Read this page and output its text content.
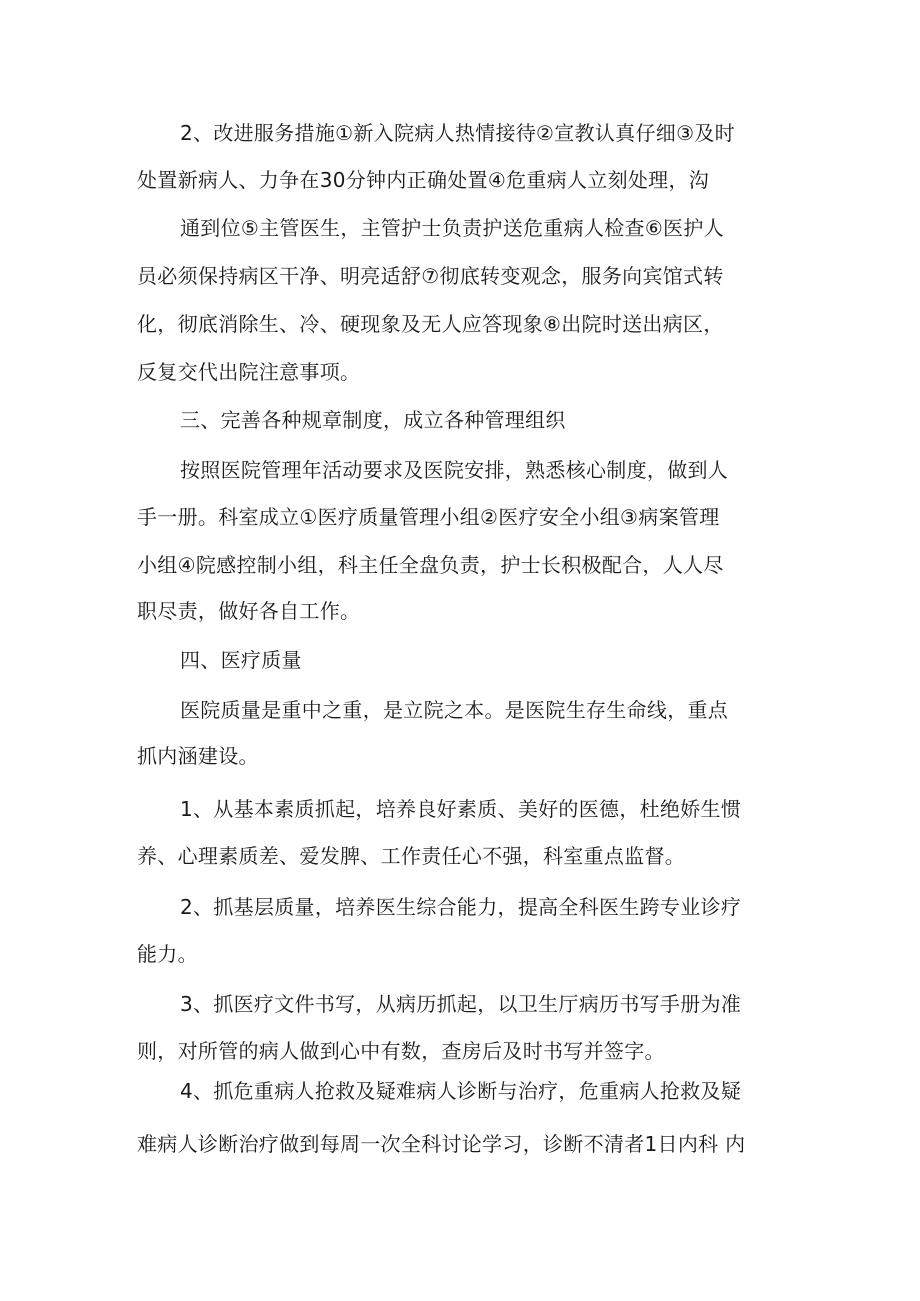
2、改进服务措施①新入院病人热情接待②宣教认真仔细③及时
处置新病人、力争在30分钟内正确处置④危重病人立刻处理，沟
通到位⑤主管医生，主管护士负责护送危重病人检查⑥医护人
员必须保持病区干净、明亮适舒⑦彻底转变观念，服务向宾馆式转
化，彻底消除生、冷、硬现象及无人应答现象⑧出院时送出病区，
反复交代出院注意事项。
三、完善各种规章制度，成立各种管理组织
按照医院管理年活动要求及医院安排，熟悉核心制度，做到人
手一册。科室成立①医疗质量管理小组②医疗安全小组③病案管理
小组④院感控制小组，科主任全盘负责，护士长积极配合，人人尽
职尽责，做好各自工作。
四、医疗质量
医院质量是重中之重，是立院之本。是医院生存生命线，重点
抓内涵建设。
1、从基本素质抓起，培养良好素质、美好的医德，杜绝娇生惯
养、心理素质差、爱发脾、工作责任心不强，科室重点监督。
2、抓基层质量，培养医生综合能力，提高全科医生跨专业诊疗
能力。
3、抓医疗文件书写，从病历抓起，以卫生厅病历书写手册为准
则，对所管的病人做到心中有数，查房后及时书写并签字。
4、抓危重病人抢救及疑难病人诊断与治疗，危重病人抢救及疑
难病人诊断治疗做到每周一次全科讨论学习，诊断不清者1日内科 内
